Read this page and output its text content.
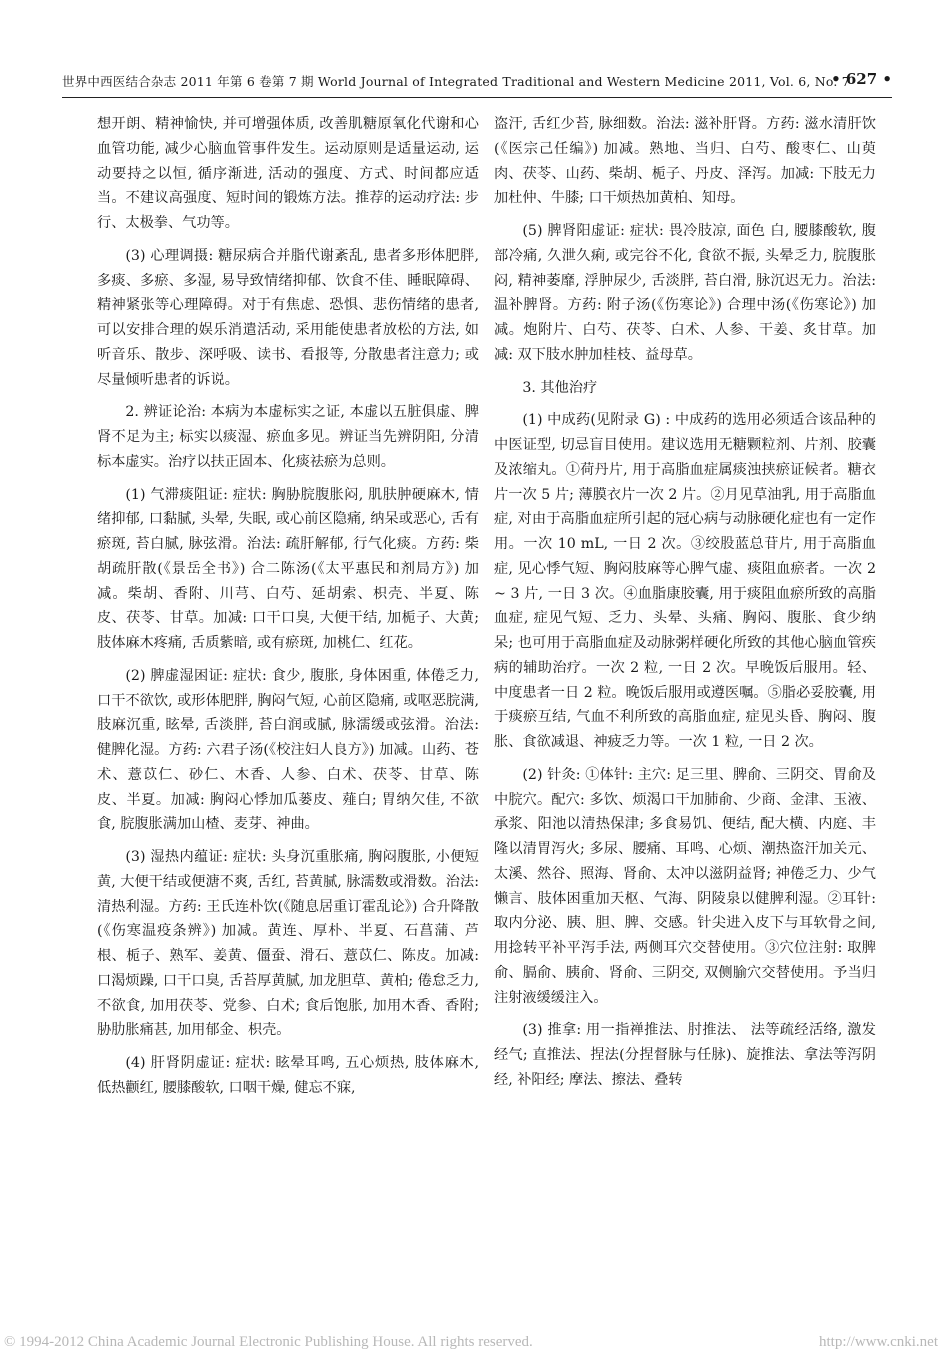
世界中西医结合杂志 2011 年第 6 卷第 7 期 World Journal of Integrated Traditional and Western Medicine 2011, Vol. 6, No. 7
• 627 •

想开朗、精神愉快, 并可增强体质, 改善肌糖原氧化代谢和心血管功能, 减少心脑血管事件发生。运动原则是适量运动, 运动要持之以恒, 循序渐进, 活动的强度、方式、时间都应适当。不建议高强度、短时间的锻炼方法。推荐的运动疗法: 步行、太极拳、气功等。

(3) 心理调摄: 糖尿病合并脂代谢紊乱, 患者多形体肥胖, 多痰、多瘀、多湿, 易导致情绪抑郁、饮食不佳、睡眠障碍、精神紧张等心理障碍。对于有焦虑、恐惧、悲伤情绪的患者, 可以安排合理的娱乐消遣活动, 采用能使患者放松的方法, 如听音乐、散步、深呼吸、读书、看报等, 分散患者注意力; 或尽量倾听患者的诉说。

2. 辨证论治: 本病为本虚标实之证, 本虚以五脏俱虚、脾肾不足为主; 标实以痰湿、瘀血多见。辨证当先辨阴阳, 分清标本虚实。治疗以扶正固本、化痰祛瘀为总则。

(1) 气滞痰阻证: 症状: 胸胁脘腹胀闷, 肌肤肿硬麻木, 情绪抑郁, 口黏腻, 头晕, 失眠, 或心前区隐痛, 纳呆或恶心, 舌有瘀斑, 苔白腻, 脉弦滑。治法: 疏肝解郁, 行气化痰。方药: 柴胡疏肝散(《景岳全书》) 合二陈汤(《太平惠民和剂局方》) 加减。柴胡、香附、川芎、白芍、延胡索、枳壳、半夏、陈皮、茯苓、甘草。加减: 口干口臭, 大便干结, 加栀子、大黄; 肢体麻木疼痛, 舌质紫暗, 或有瘀斑, 加桃仁、红花。

(2) 脾虚湿困证: 症状: 食少, 腹胀, 身体困重, 体倦乏力, 口干不欲饮, 或形体肥胖, 胸闷气短, 心前区隐痛, 或呕恶脘满, 肢麻沉重, 眩晕, 舌淡胖, 苔白润或腻, 脉濡缓或弦滑。治法: 健脾化湿。方药: 六君子汤(《校注妇人良方》) 加减。山药、苍术、薏苡仁、砂仁、木香、人参、白术、茯苓、甘草、陈皮、半夏。加减: 胸闷心悸加瓜蒌皮、薤白; 胃纳欠佳, 不欲食, 脘腹胀满加山楂、麦芽、神曲。

(3) 湿热内蕴证: 症状: 头身沉重胀痛, 胸闷腹胀, 小便短黄, 大便干结或便溏不爽, 舌红, 苔黄腻, 脉濡数或滑数。治法: 清热利湿。方药: 王氏连朴饮(《随息居重订霍乱论》) 合升降散(《伤寒温疫条辨》) 加减。黄连、厚朴、半夏、石菖蒲、芦根、栀子、熟军、姜黄、僵蚕、滑石、薏苡仁、陈皮。加减: 口渴烦躁, 口干口臭, 舌苔厚黄腻, 加龙胆草、黄柏; 倦怠乏力, 不欲食, 加用茯苓、党参、白术; 食后饱胀, 加用木香、香附; 胁肋胀痛甚, 加用郁金、枳壳。

(4) 肝肾阴虚证: 症状: 眩晕耳鸣, 五心烦热, 肢体麻木, 低热颧红, 腰膝酸软, 口咽干燥, 健忘不寐,

盗汗, 舌红少苔, 脉细数。治法: 滋补肝肾。方药: 滋水清肝饮(《医宗己任编》) 加减。熟地、当归、白芍、酸枣仁、山萸肉、茯苓、山药、柴胡、栀子、丹皮、泽泻。加减: 下肢无力加杜仲、牛膝; 口干烦热加黄柏、知母。

(5) 脾肾阳虚证: 症状: 畏冷肢凉, 面色 白, 腰膝酸软, 腹部冷痛, 久泄久痢, 或完谷不化, 食欲不振, 头晕乏力, 脘腹胀闷, 精神萎靡, 浮肿尿少, 舌淡胖, 苔白滑, 脉沉迟无力。治法: 温补脾肾。方药: 附子汤(《伤寒论》) 合理中汤(《伤寒论》) 加减。炮附片、白芍、茯苓、白术、人参、干姜、炙甘草。加减: 双下肢水肿加桂枝、益母草。

3. 其他治疗

(1) 中成药(见附录 G) : 中成药的选用必须适合该品种的中医证型, 切忌盲目使用。建议选用无糖颗粒剂、片剂、胶囊及浓缩丸。①荷丹片, 用于高脂血症属痰浊挟瘀证候者。糖衣片一次 5 片; 薄膜衣片一次 2 片。②月见草油乳, 用于高脂血症, 对由于高脂血症所引起的冠心病与动脉硬化症也有一定作用。一次 10 mL, 一日 2 次。③绞股蓝总苷片, 用于高脂血症, 见心悸气短、胸闷肢麻等心脾气虚、痰阻血瘀者。一次 2 ~ 3 片, 一日 3 次。④血脂康胶囊, 用于痰阻血瘀所致的高脂血症, 症见气短、乏力、头晕、头痛、胸闷、腹胀、食少纳呆; 也可用于高脂血症及动脉粥样硬化所致的其他心脑血管疾病的辅助治疗。一次 2 粒, 一日 2 次。早晚饭后服用。轻、中度患者一日 2 粒。晚饭后服用或遵医嘱。⑤脂必妥胶囊, 用于痰瘀互结, 气血不利所致的高脂血症, 症见头昏、胸闷、腹胀、食欲减退、神疲乏力等。一次 1 粒, 一日 2 次。

(2) 针灸: ①体针: 主穴: 足三里、脾俞、三阴交、胃俞及中脘穴。配穴: 多饮、烦渴口干加肺俞、少商、金津、玉液、承浆、阳池以清热保津; 多食易饥、便结, 配大横、内庭、丰隆以清胃泻火; 多尿、腰痛、耳鸣、心烦、潮热盗汗加关元、太溪、然谷、照海、肾俞、太冲以滋阴益肾; 神倦乏力、少气懒言、肢体困重加天枢、气海、阴陵泉以健脾利湿。②耳针: 取内分泌、胰、胆、脾、交感。针尖进入皮下与耳软骨之间, 用捻转平补平泻手法, 两侧耳穴交替使用。③穴位注射: 取脾俞、膈俞、胰俞、肾俞、三阴交, 双侧腧穴交替使用。予当归注射液缓缓注入。

(3) 推拿: 用一指禅推法、肘推法、 法等疏经活络, 激发经气; 直推法、捏法(分捏督脉与任脉)、旋推法、拿法等泻阴经, 补阳经; 摩法、擦法、叠转

© 1994-2012 China Academic Journal Electronic Publishing House. All rights reserved.	http://www.cnki.net
